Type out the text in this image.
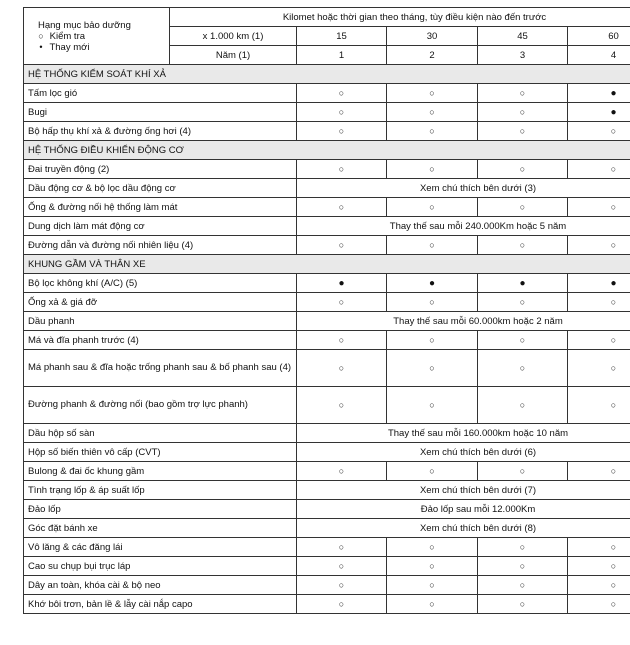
Hạng mục bảo dưỡng
○ Kiểm tra
• Thay mới	Kilomet hoặc thời gian theo tháng, tùy điều kiện nào đến trước				
	x 1.000 km (1)	15	30	45	60
	Năm (1)	1	2	3	4
HỆ THỐNG KIỂM SOÁT KHÍ XẢ					
Tấm lọc gió		○	○	○	●
Bugi		○	○	○	●
Bộ hấp thụ khí xả & đường ống hơi (4)		○	○	○	○
HỆ THỐNG ĐIỀU KHIỂN ĐỘNG CƠ					
Đai truyền động (2)		○	○	○	○
Dầu động cơ & bộ lọc dầu động cơ		Xem chú thích bên dưới (3)			
Ống & đường nối hệ thống làm mát		○	○	○	○
Dung dịch làm mát động cơ		Thay thế sau mỗi 240.000Km hoặc 5 năm			
Đường dẫn và đường nối nhiên liệu (4)		○	○	○	○
KHUNG GẦM VÀ THÂN XE					
Bộ lọc không khí (A/C) (5)		●	●	●	●
Ống xả & giá đỡ		○	○	○	○
Dầu phanh		Thay thế sau mỗi 60.000km hoặc 2 năm			
Má và đĩa phanh trước (4)		○	○	○	○
Má phanh sau & đĩa hoặc trống phanh sau & bố phanh sau (4)		○	○	○	○
Đường phanh & đường nối (bao gồm trợ lực phanh)		○	○	○	○
Dầu hộp số sàn		Thay thế sau mỗi 160.000km hoặc 10 năm			
Hộp số biến thiên vô cấp (CVT)		Xem chú thích bên dưới (6)			
Bulong & đai ốc khung gầm		○	○	○	○
Tình trạng lốp & áp suất lốp		Xem chú thích bên dưới (7)			
Đảo lốp		Đảo lốp sau mỗi 12.000Km			
Góc đặt bánh xe		Xem chú thích bên dưới (8)			
Vô lăng & các đăng lái		○	○	○	○
Cao su chụp bụi trục láp		○	○	○	○
Dây an toàn, khóa cài & bộ neo		○	○	○	○
Khớ bôi trơn, bản lề & lẫy cài nắp capo		○	○	○	○
